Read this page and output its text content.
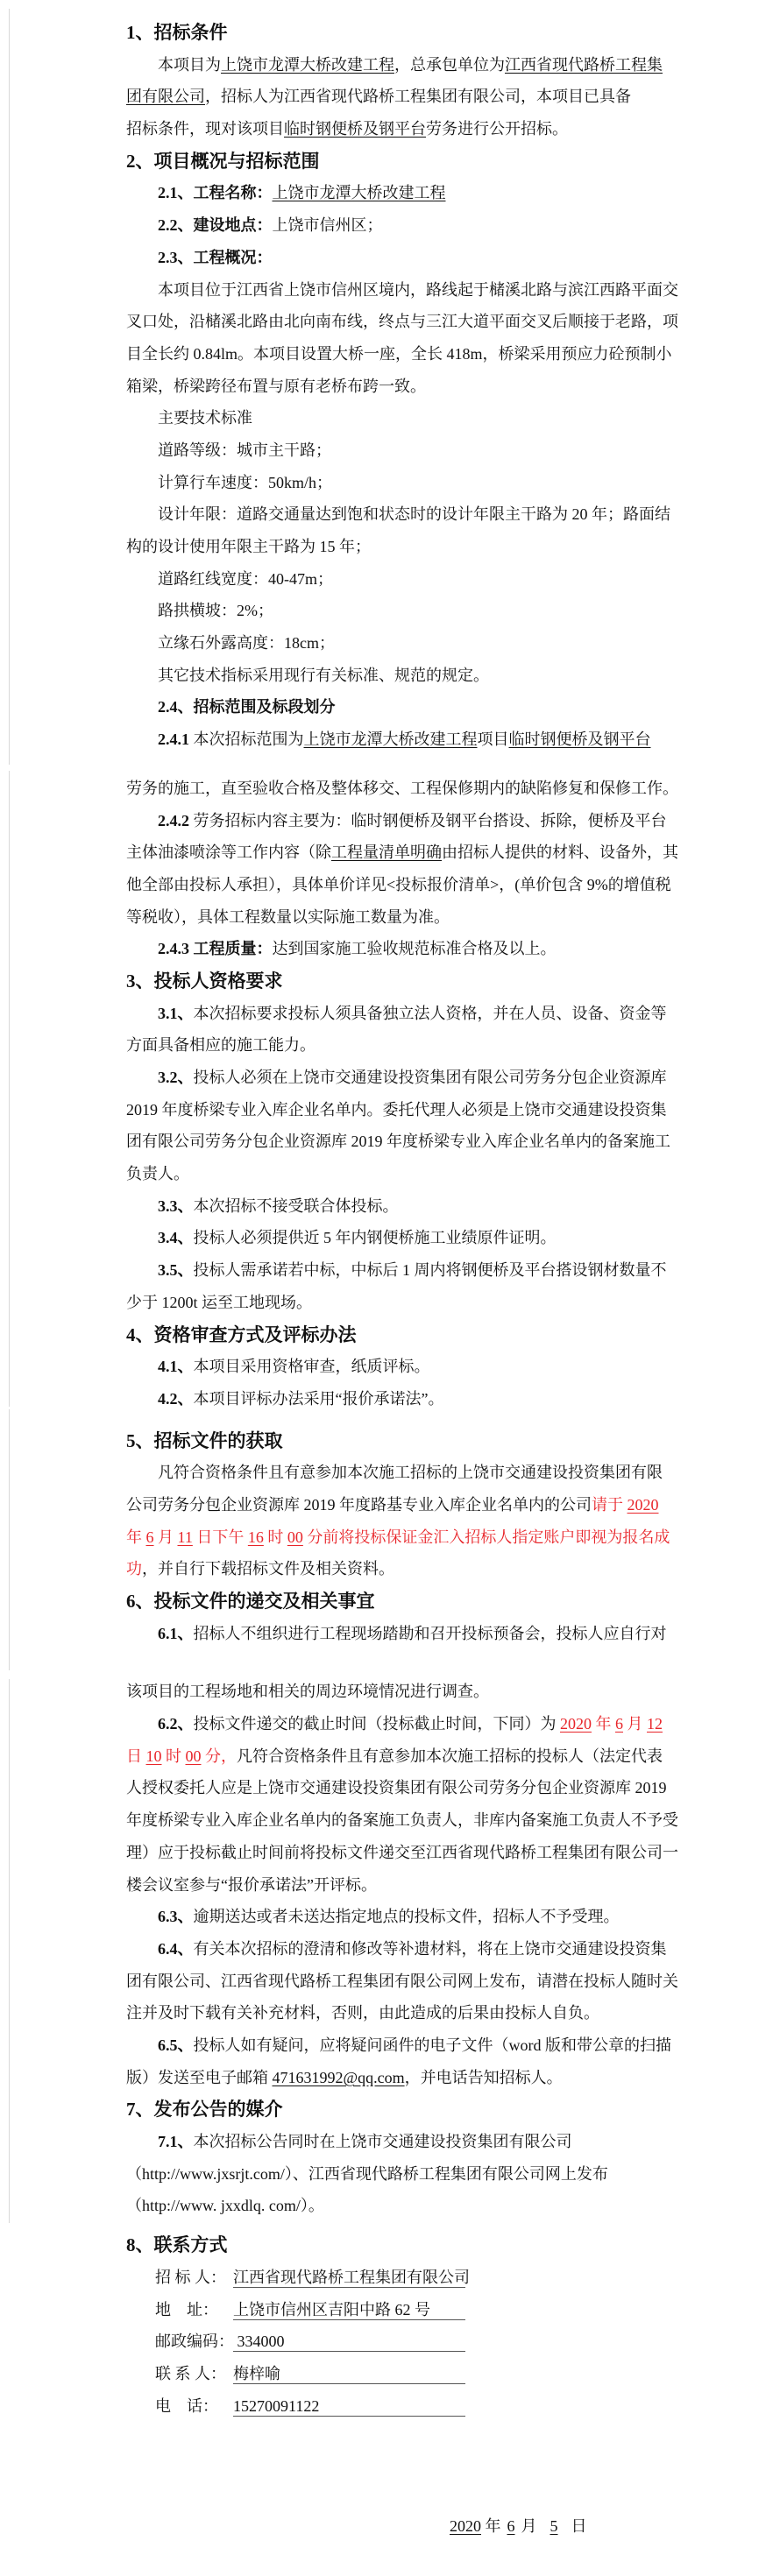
1、招标条件
本项目为上饶市龙潭大桥改建工程，总承包单位为江西省现代路桥工程集
团有限公司，招标人为江西省现代路桥工程集团有限公司，本项目已具备
招标条件，现对该项目临时钢便桥及钢平台劳务进行公开招标。
2、项目概况与招标范围
2.1、工程名称：上饶市龙潭大桥改建工程
2.2、建设地点：上饶市信州区；
2.3、工程概况：
本项目位于江西省上饶市信州区境内，路线起于槠溪北路与滨江西路平面交
叉口处，沿槠溪北路由北向南布线，终点与三江大道平面交叉后顺接于老路，项
目全长约 0.84lm。本项目设置大桥一座，全长 418m，桥梁采用预应力砼预制小
箱梁，桥梁跨径布置与原有老桥布跨一致。
主要技术标准
道路等级：城市主干路；
计算行车速度：50km/h；
设计年限：道路交通量达到饱和状态时的设计年限主干路为 20 年；路面结
构的设计使用年限主干路为 15 年；
道路红线宽度：40-47m；
路拱横坡：2%；
立缘石外露高度：18cm；
其它技术指标采用现行有关标准、规范的规定。
2.4、招标范围及标段划分
2.4.1 本次招标范围为上饶市龙潭大桥改建工程项目临时钢便桥及钢平台
劳务的施工，直至验收合格及整体移交、工程保修期内的缺陷修复和保修工作。
2.4.2 劳务招标内容主要为：临时钢便桥及钢平台搭设、拆除，便桥及平台
主体油漆喷涂等工作内容（除工程量清单明确由招标人提供的材料、设备外，其
他全部由投标人承担），具体单价详见<投标报价清单>，(单价包含 9%的增值税
等税收），具体工程数量以实际施工数量为准。
2.4.3 工程质量：达到国家施工验收规范标准合格及以上。
3、投标人资格要求
3.1、本次招标要求投标人须具备独立法人资格，并在人员、设备、资金等
方面具备相应的施工能力。
3.2、投标人必须在上饶市交通建设投资集团有限公司劳务分包企业资源库
2019 年度桥梁专业入库企业名单内。委托代理人必须是上饶市交通建设投资集
团有限公司劳务分包企业资源库 2019 年度桥梁专业入库企业名单内的备案施工
负责人。
3.3、本次招标不接受联合体投标。
3.4、投标人必须提供近 5 年内钢便桥施工业绩原件证明。
3.5、投标人需承诺若中标，中标后 1 周内将钢便桥及平台搭设钢材数量不
少于 1200t 运至工地现场。
4、资格审查方式及评标办法
4.1、本项目采用资格审查，纸质评标。
4.2、本项目评标办法采用“报价承诺法”。
5、招标文件的获取
凡符合资格条件且有意参加本次施工招标的上饶市交通建设投资集团有限
公司劳务分包企业资源库 2019 年度路基专业入库企业名单内的公司请于 2020
年 6 月 11 日下午 16 时 00 分前将投标保证金汇入招标人指定账户即视为报名成
功，并自行下载招标文件及相关资料。
6、投标文件的递交及相关事宜
6.1、招标人不组织进行工程现场踏勘和召开投标预备会，投标人应自行对
该项目的工程场地和相关的周边环境情况进行调查。
6.2、投标文件递交的截止时间（投标截止时间，下同）为 2020 年 6 月 12
日 10 时 00 分，凡符合资格条件且有意参加本次施工招标的投标人（法定代表
人授权委托人应是上饶市交通建设投资集团有限公司劳务分包企业资源库 2019
年度桥梁专业入库企业名单内的备案施工负责人，非库内备案施工负责人不予受
理）应于投标截止时间前将投标文件递交至江西省现代路桥工程集团有限公司一
楼会议室参与“报价承诺法”开评标。
6.3、逾期送达或者未送达指定地点的投标文件，招标人不予受理。
6.4、有关本次招标的澄清和修改等补遗材料，将在上饶市交通建设投资集
团有限公司、江西省现代路桥工程集团有限公司网上发布，请潜在投标人随时关
注并及时下载有关补充材料，否则，由此造成的后果由投标人自负。
6.5、投标人如有疑问，应将疑问函件的电子文件（word 版和带公章的扫描
版）发送至电子邮箱 471631992@qq.com，并电话告知招标人。
7、发布公告的媒介
7.1、本次招标公告同时在上饶市交通建设投资集团有限公司
（http://www.jxsrjt.com/）、江西省现代路桥工程集团有限公司网上发布
（http://www. jxxdlq. com/）。
8、联系方式
招 标 人： 江西省现代路桥工程集团有限公司
地    址： 上饶市信州区吉阳中路 62 号
邮政编码： 334000
联 系 人： 梅梓喻
电    话： 15270091122
2020 年 6 月 5 日
